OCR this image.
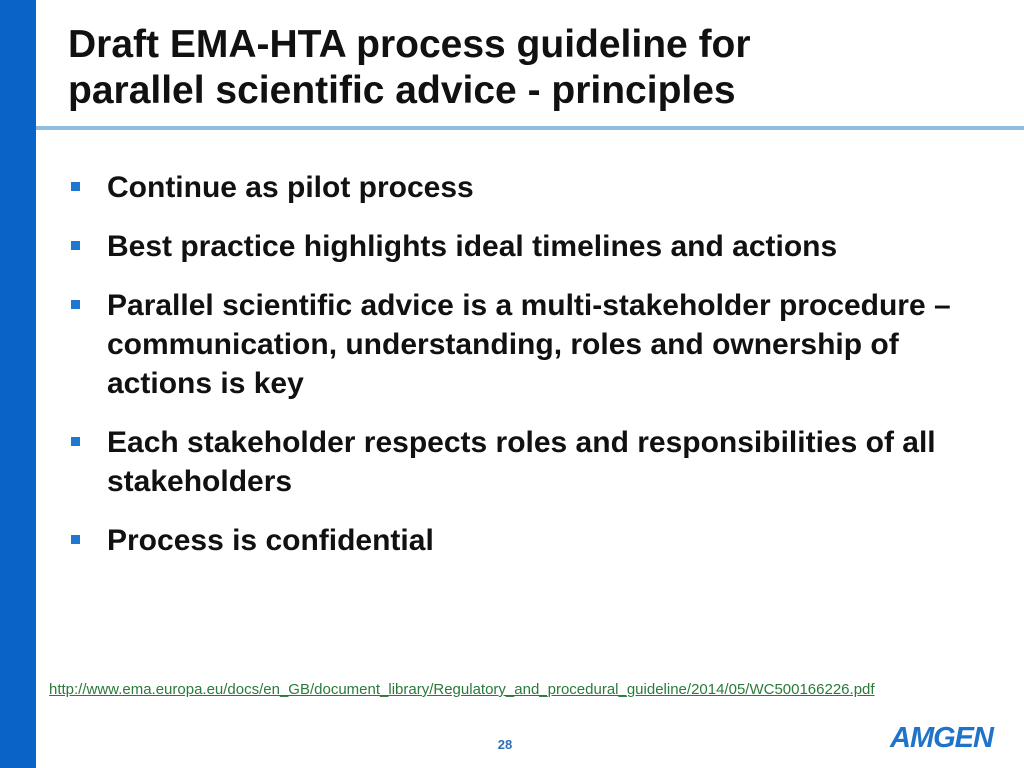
Draft EMA-HTA process guideline for
parallel scientific advice - principles
Continue as pilot process
Best practice highlights ideal timelines and actions
Parallel scientific advice is a multi-stakeholder procedure – communication, understanding, roles and ownership of actions is key
Each stakeholder respects roles and responsibilities of all stakeholders
Process is confidential
http://www.ema.europa.eu/docs/en_GB/document_library/Regulatory_and_procedural_guideline/2014/05/WC500166226.pdf
28	AMGEN
